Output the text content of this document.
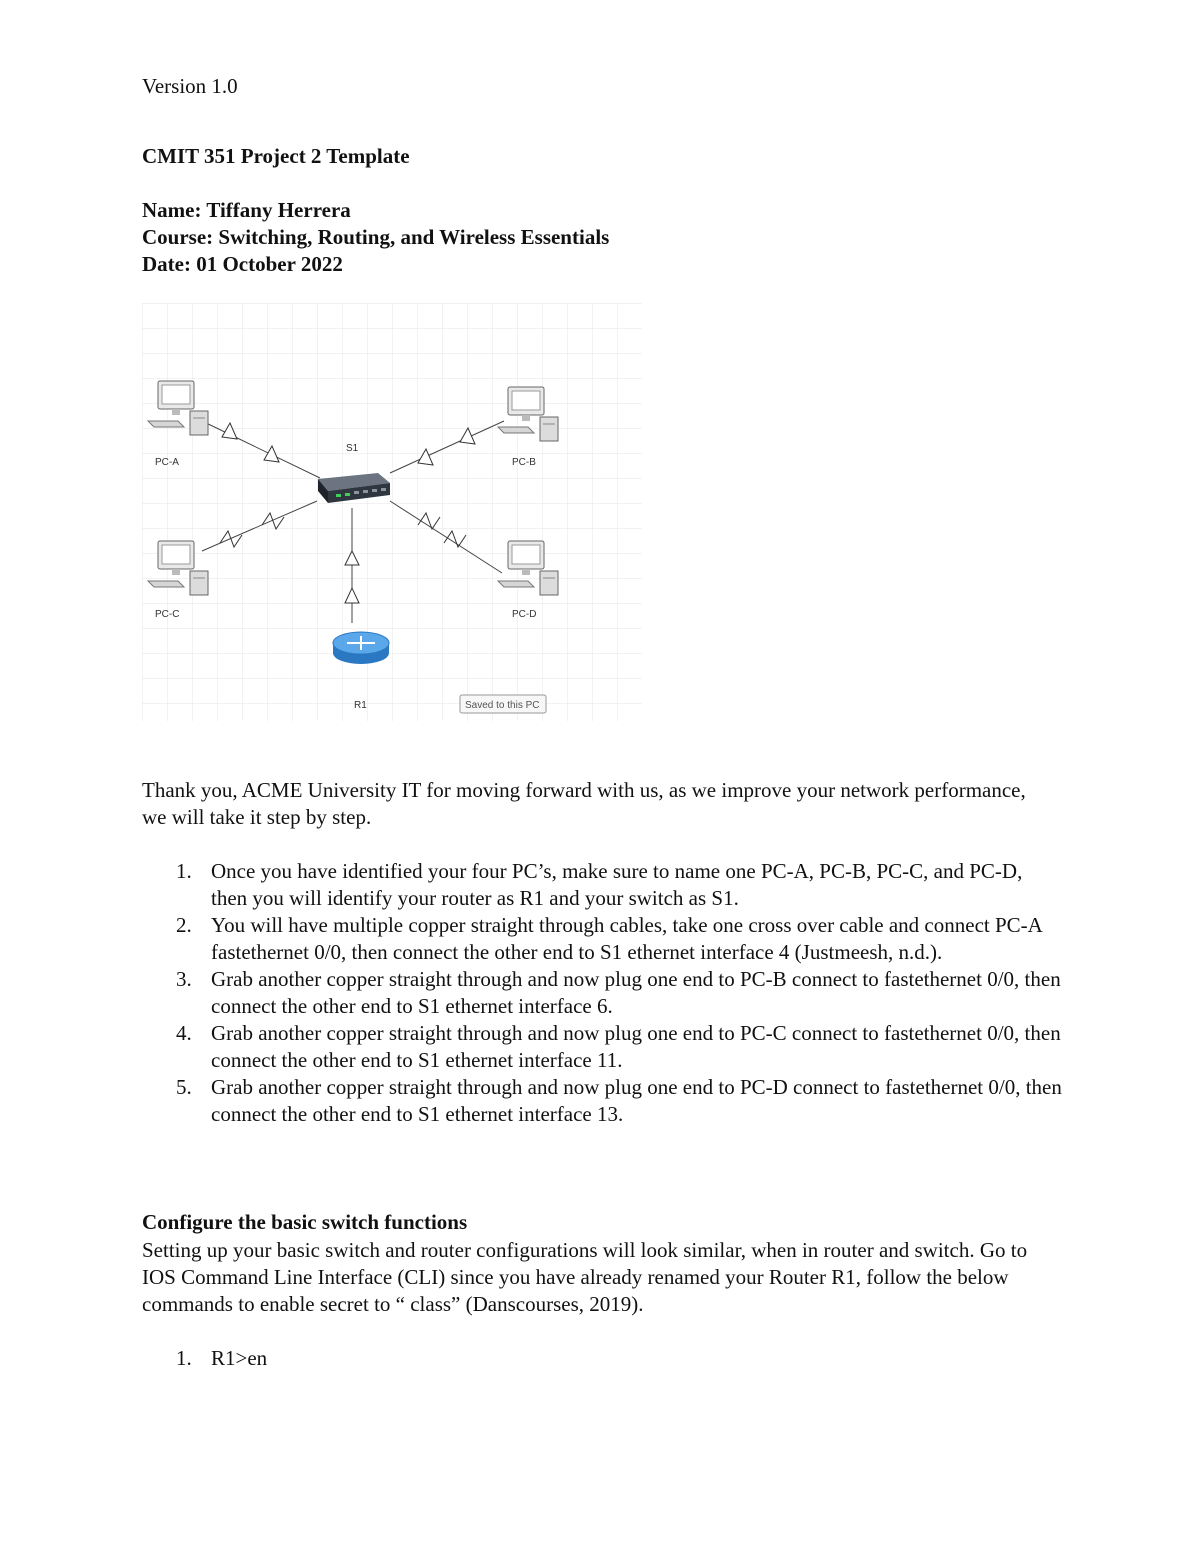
Version 1.0
CMIT 351 Project 2 Template
Name: Tiffany Herrera
Course: Switching, Routing, and Wireless Essentials
Date: 01 October 2022
PC-A	PC-B
PC-C	PC-D
S1
R1	Saved to this PC
Thank you, ACME University IT for moving forward with us, as we improve your network performance, we will take it step by step.
1. Once you have identified your four PC’s, make sure to name one PC-A, PC-B, PC-C, and PC-D, then you will identify your router as R1 and your switch as S1.
2. You will have multiple copper straight through cables, take one cross over cable and connect PC-A fastethernet 0/0, then connect the other end to S1 ethernet interface 4 (Justmeesh, n.d.).
3. Grab another copper straight through and now plug one end to PC-B connect to fastethernet 0/0, then connect the other end to S1 ethernet interface 6.
4. Grab another copper straight through and now plug one end to PC-C connect to fastethernet 0/0, then connect the other end to S1 ethernet interface 11.
5. Grab another copper straight through and now plug one end to PC-D connect to fastethernet 0/0, then connect the other end to S1 ethernet interface 13.
Configure the basic switch functions
Setting up your basic switch and router configurations will look similar, when in router and switch. Go to IOS Command Line Interface (CLI) since you have already renamed your Router R1, follow the below commands to enable secret to “ class” (Danscourses, 2019).
1. R1>en
